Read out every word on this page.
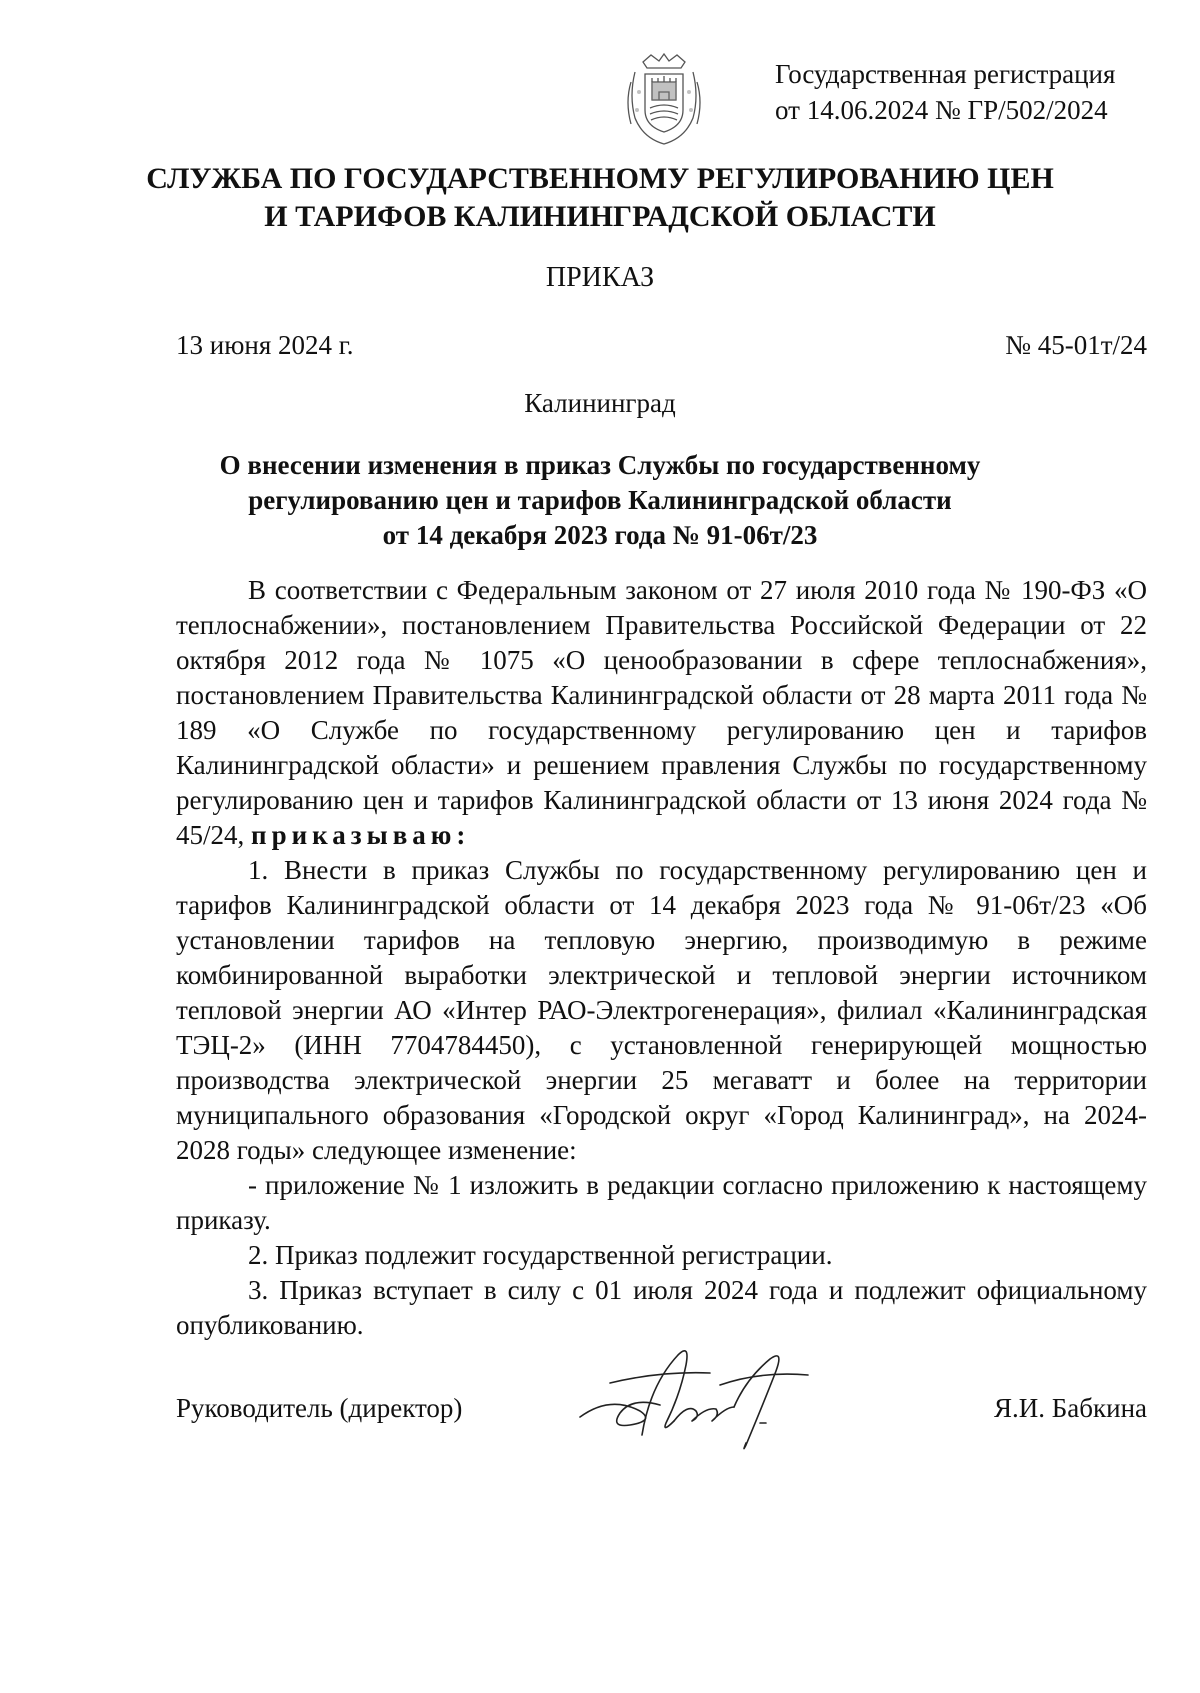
Государственная регистрация
от 14.06.2024 № ГР/502/2024
СЛУЖБА ПО ГОСУДАРСТВЕННОМУ РЕГУЛИРОВАНИЮ ЦЕН
И ТАРИФОВ КАЛИНИНГРАДСКОЙ ОБЛАСТИ
ПРИКАЗ
13 июня 2024 г.	№ 45-01т/24
Калининград
О внесении изменения в приказ Службы по государственному
регулированию цен и тарифов Калининградской области
от 14 декабря 2023 года № 91-06т/23

В соответствии с Федеральным законом от 27 июля 2010 года № 190-ФЗ «О теплоснабжении», постановлением Правительства Российской Федерации от 22 октября 2012 года № 1075 «О ценообразовании в сфере теплоснабжения», постановлением Правительства Калининградской области от 28 марта 2011 года № 189 «О Службе по государственному регулированию цен и тарифов Калининградской области» и решением правления Службы по государственному регулированию цен и тарифов Калининградской области от 13 июня 2024 года № 45/24, приказываю:

1. Внести в приказ Службы по государственному регулированию цен и тарифов Калининградской области от 14 декабря 2023 года № 91-06т/23 «Об установлении тарифов на тепловую энергию, производимую в режиме комбинированной выработки электрической и тепловой энергии источником тепловой энергии АО «Интер РАО-Электрогенерация», филиал «Калининградская ТЭЦ-2» (ИНН 7704784450), с установленной генерирующей мощностью производства электрической энергии 25 мегаватт и более на территории муниципального образования «Городской округ «Город Калининград», на 2024-2028 годы» следующее изменение:

- приложение № 1 изложить в редакции согласно приложению к настоящему приказу.

2. Приказ подлежит государственной регистрации.

3. Приказ вступает в силу с 01 июля 2024 года и подлежит официальному опубликованию.

Руководитель (директор)	Я.И. Бабкина
